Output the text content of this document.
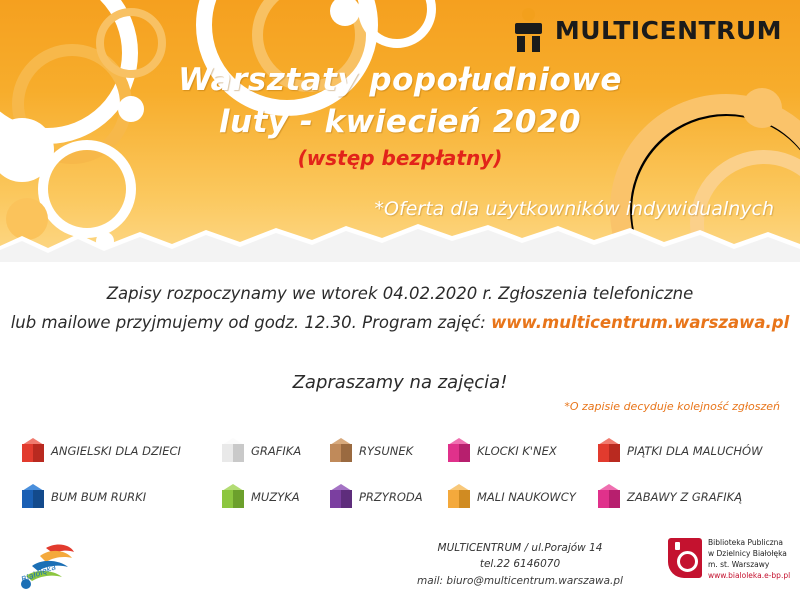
MULTICENTRUM
Warsztaty popołudniowe
luty - kwiecień 2020
(wstęp bezpłatny)
*Oferta dla użytkowników indywidualnych
Zapisy rozpoczynamy we wtorek 04.02.2020 r. Zgłoszenia telefoniczne
lub mailowe przyjmujemy od godz. 12.30. Program zajęć: www.multicentrum.warszawa.pl
Zapraszamy na zajęcia!
*O zapisie decyduje kolejność zgłoszeń
ANGIELSKI DLA DZIECI	GRAFIKA	RYSUNEK	KLOCKI K'NEX	PIĄTKI DLA MALUCHÓW
BUM BUM RURKI	MUZYKA	PRZYRODA	MALI NAUKOWCY	ZABAWY Z GRAFIKĄ
MULTICENTRUM / ul.Porajów 14
tel.22 6146070
mail: biuro@multicentrum.warszawa.pl
Biblioteka Publiczna
w Dzielnicy Białołęka
m. st. Warszawy
www.bialoleka.e-bp.pl
Białołęka
